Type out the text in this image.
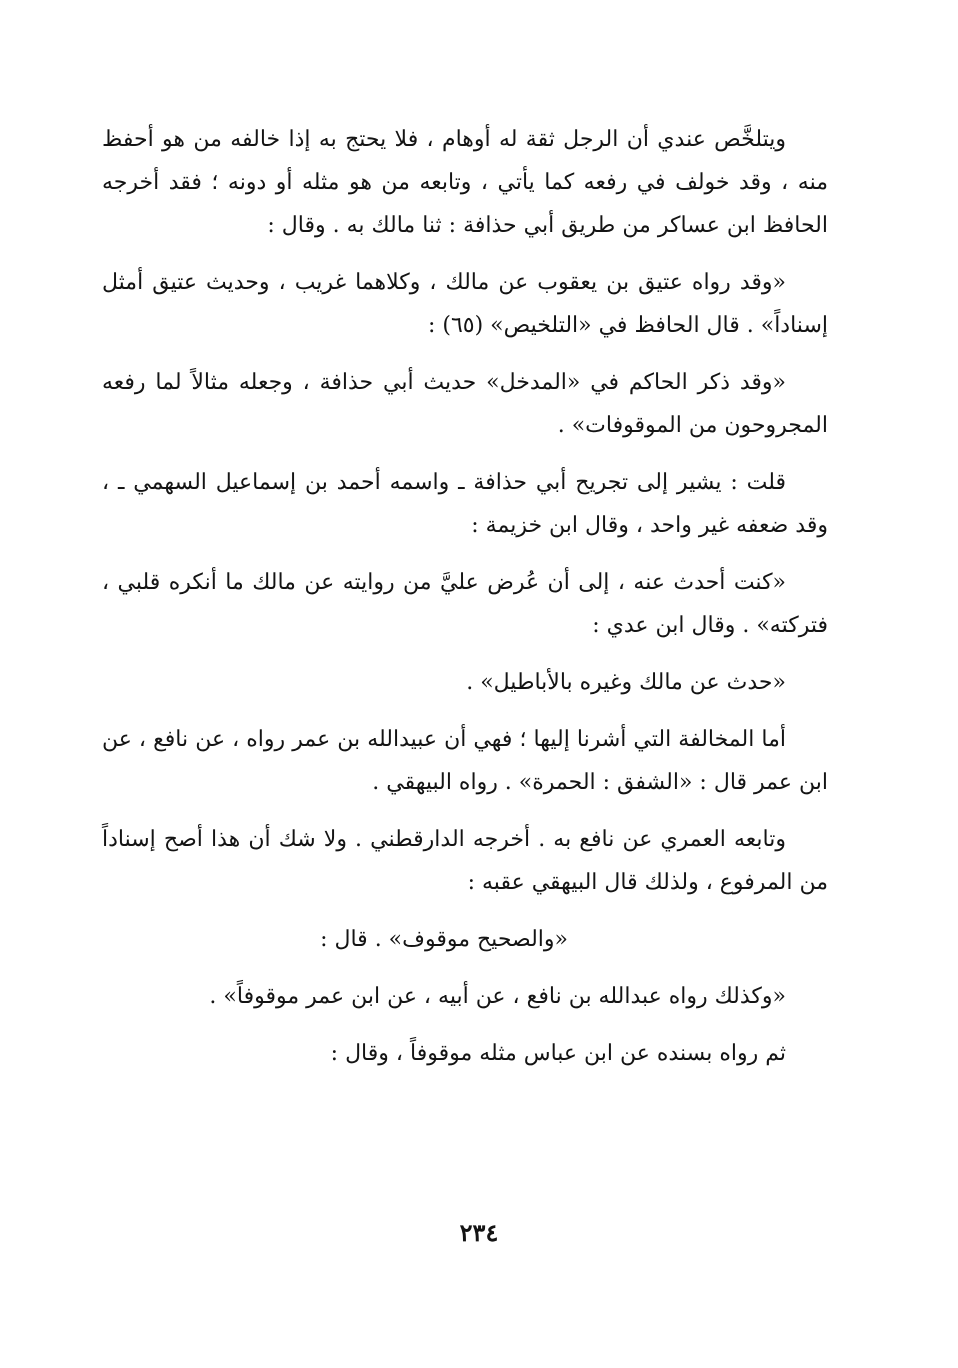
ويتلخَّص عندي أن الرجل ثقة له أوهام ، فلا يحتج به إذا خالفه من هو أحفظ منه ، وقد خولف في رفعه كما يأتي ، وتابعه من هو مثله أو دونه ؛ فقد أخرجه الحافظ ابن عساكر من طريق أبي حذافة : ثنا مالك به . وقال :

«وقد رواه عتيق بن يعقوب عن مالك ، وكلاهما غريب ، وحديث عتيق أمثل إسناداً» . قال الحافظ في «التلخيص» (٦٥) :

«وقد ذكر الحاكم في «المدخل» حديث أبي حذافة ، وجعله مثالاً لما رفعه المجروحون من الموقوفات» .

قلت : يشير إلى تجريح أبي حذافة ـ واسمه أحمد بن إسماعيل السهمي ـ ، وقد ضعفه غير واحد ، وقال ابن خزيمة :

«كنت أحدث عنه ، إلى أن عُرض عليَّ من روايته عن مالك ما أنكره قلبي ، فتركته» . وقال ابن عدي :

«حدث عن مالك وغيره بالأباطيل» .

أما المخالفة التي أشرنا إليها ؛ فهي أن عبيدالله بن عمر رواه ، عن نافع ، عن ابن عمر قال : «الشفق : الحمرة» . رواه البيهقي .

وتابعه العمري عن نافع به . أخرجه الدارقطني . ولا شك أن هذا أصح إسناداً من المرفوع ، ولذلك قال البيهقي عقبه :

«والصحيح موقوف» . قال :

«وكذلك رواه عبدالله بن نافع ، عن أبيه ، عن ابن عمر موقوفاً» .

ثم رواه بسنده عن ابن عباس مثله موقوفاً ، وقال :

٢٣٤
